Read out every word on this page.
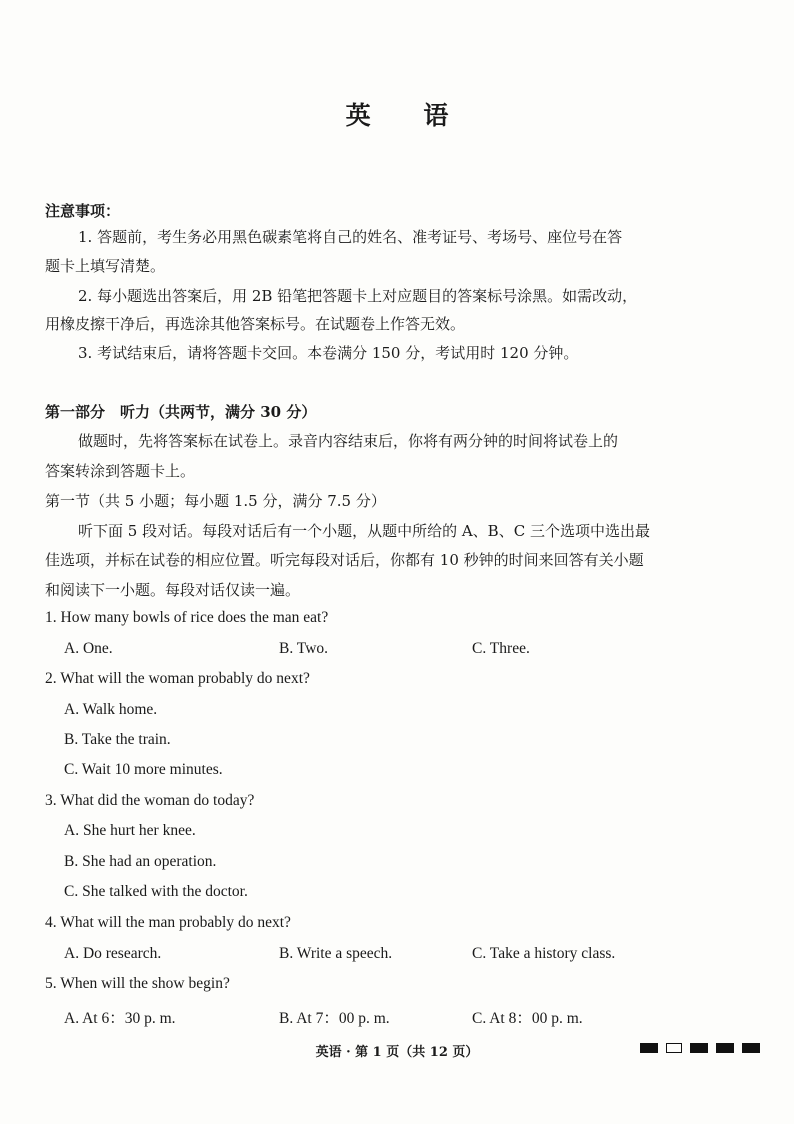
英 语
注意事项：
1. 答题前，考生务必用黑色碳素笔将自己的姓名、准考证号、考场号、座位号在答
题卡上填写清楚。
2. 每小题选出答案后，用 2B 铅笔把答题卡上对应题目的答案标号涂黑。如需改动，
用橡皮擦干净后，再选涂其他答案标号。在试题卷上作答无效。
3. 考试结束后，请将答题卡交回。本卷满分 150 分，考试用时 120 分钟。
第一部分　听力（共两节，满分 30 分）
做题时，先将答案标在试卷上。录音内容结束后，你将有两分钟的时间将试卷上的
答案转涂到答题卡上。
第一节（共 5 小题；每小题 1.5 分，满分 7.5 分）
听下面 5 段对话。每段对话后有一个小题，从题中所给的 A、B、C 三个选项中选出最
佳选项，并标在试卷的相应位置。听完每段对话后，你都有 10 秒钟的时间来回答有关小题
和阅读下一小题。每段对话仅读一遍。
1. How many bowls of rice does the man eat?
A. One.	B. Two.	C. Three.
2. What will the woman probably do next?
A. Walk home.
B. Take the train.
C. Wait 10 more minutes.
3. What did the woman do today?
A. She hurt her knee.
B. She had an operation.
C. She talked with the doctor.
4. What will the man probably do next?
A. Do research.	B. Write a speech.	C. Take a history class.
5. When will the show begin?
A. At 6：30 p. m.	B. At 7：00 p. m.	C. At 8：00 p. m.
英语 · 第 1 页（共 12 页）
